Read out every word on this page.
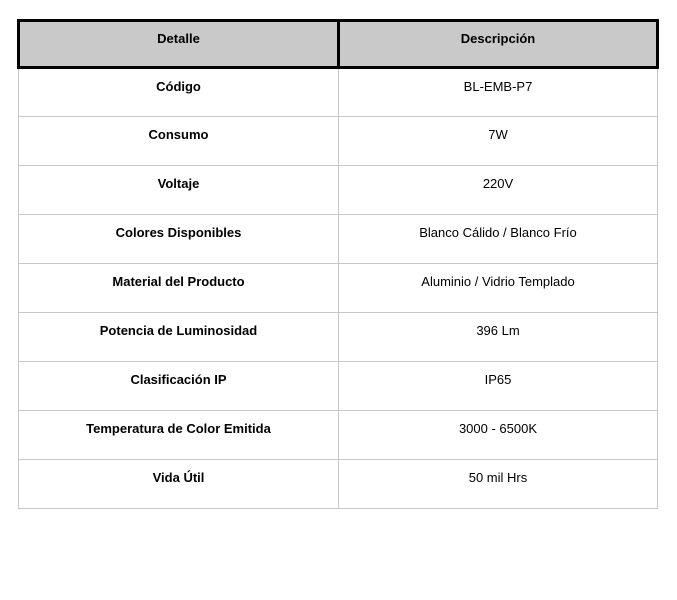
Detalle	Descripción

Código	BL-EMB-P7

Consumo	7W

Voltaje	220V

Colores Disponibles	Blanco Cálido / Blanco Frío

Material del Producto	Aluminio / Vidrio Templado

Potencia de Luminosidad	396 Lm

Clasificación IP	IP65

Temperatura de Color Emitida	3000 - 6500K

Vida Útil	50 mil Hrs
